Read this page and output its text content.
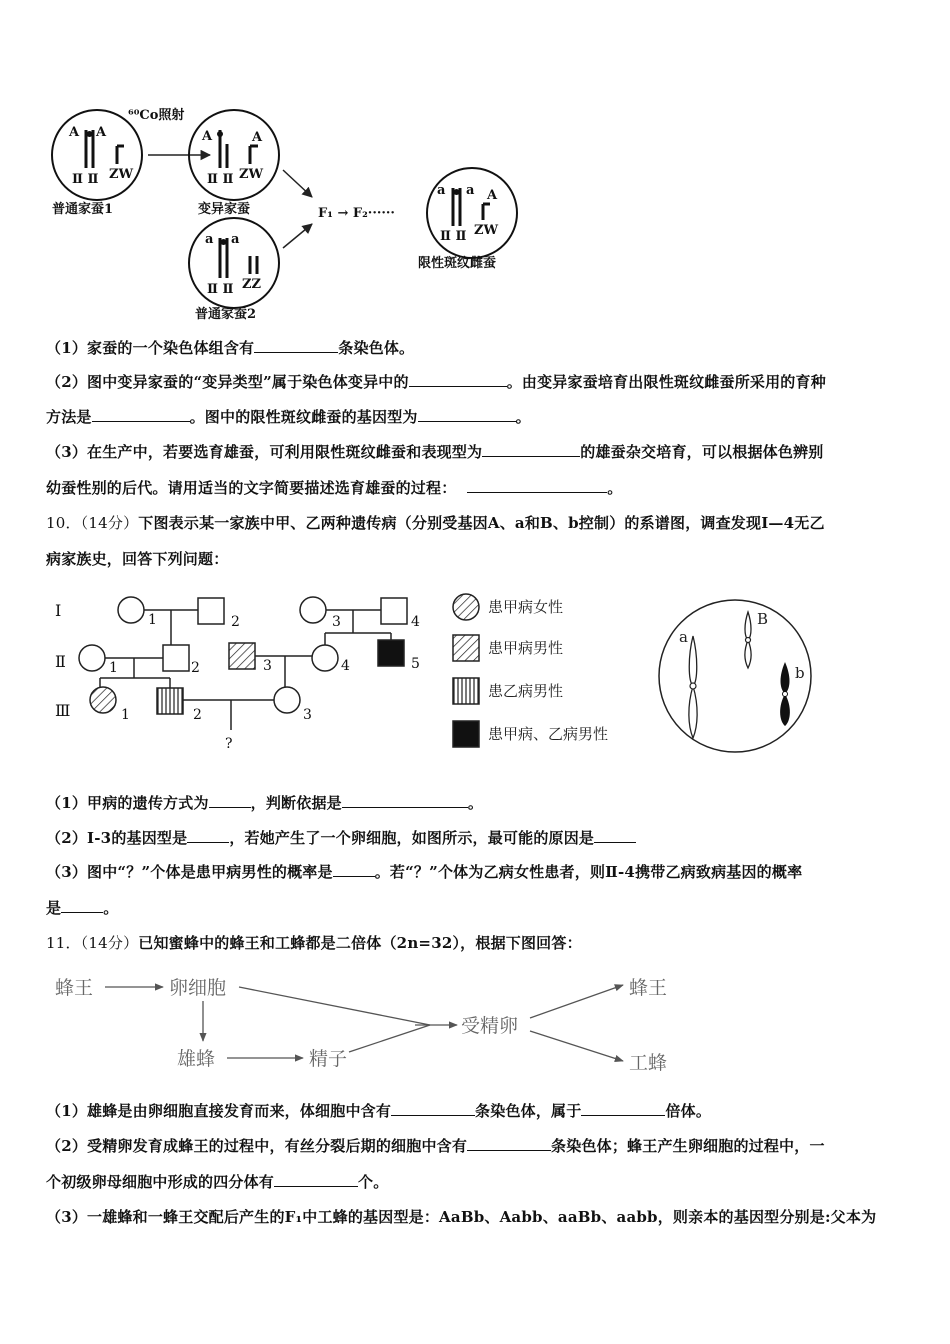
A A
Ⅱ Ⅱ ZW
普通家蚕1
⁶⁰Co照射
A	A
Ⅱ Ⅱ ZW
变异家蚕
a a
Ⅱ Ⅱ ZZ
普通家蚕2
F₁ → F₂······
a a A
Ⅱ Ⅱ ZW
限性斑纹雌蚕
（1）家蚕的一个染色体组含有	条染色体。
（2）图中变异家蚕的“变异类型”属于染色体变异中的	。由变异家蚕培育出限性斑纹雌蚕所采用的育种
方法是	。图中的限性斑纹雌蚕的基因型为	。
（3）在生产中，若要选育雄蚕，可利用限性斑纹雌蚕和表现型为	的雄蚕杂交培育，可以根据体色辨别
幼蚕性别的后代。请用适当的文字简要描述选育雄蚕的过程：	。
10．（14分）下图表示某一家族中甲、乙两种遗传病（分别受基因A、a和B、b控制）的系谱图，调查发现Ⅰ—4无乙
病家族史，回答下列问题：
Ⅰ
Ⅱ
Ⅲ
1	2	3	4
1	2	3	4	5
1	2	3
?
患甲病女性
患甲病男性
患乙病男性
患甲病、乙病男性
a
B
b
（1）甲病的遗传方式为	，判断依据是	。
（2）Ⅰ-3的基因型是	，若她产生了一个卵细胞，如图所示，最可能的原因是
（3）图中“？”个体是患甲病男性的概率是	。若“？”个体为乙病女性患者，则Ⅱ-4携带乙病致病基因的概率
是	。
11．（14分）已知蜜蜂中的蜂王和工蜂都是二倍体（2n=32），根据下图回答：
蜂王	卵细胞
雄蜂	精子
受精卵
蜂王
工蜂
（1）雄蜂是由卵细胞直接发育而来，体细胞中含有	条染色体，属于	倍体。
（2）受精卵发育成蜂王的过程中，有丝分裂后期的细胞中含有	条染色体；蜂王产生卵细胞的过程中，一
个初级卵母细胞中形成的四分体有	个。
（3）一雄蜂和一蜂王交配后产生的F₁中工蜂的基因型是：AaBb、Aabb、aaBb、aabb，则亲本的基因型分别是:父本为
